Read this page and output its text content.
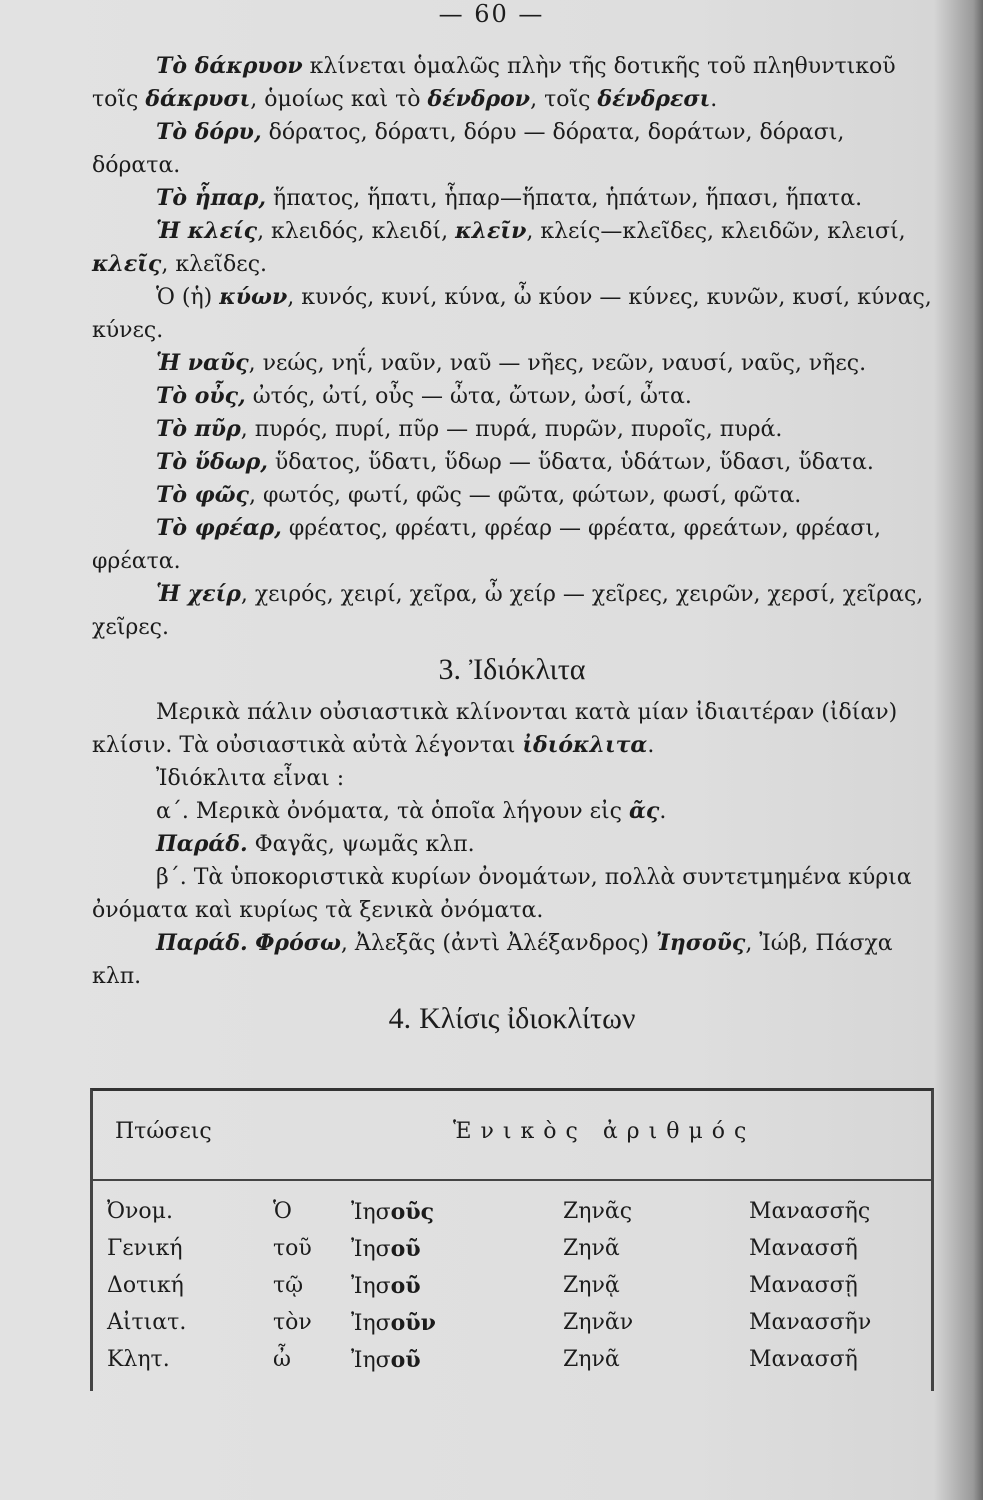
— 60 —

Τὸ δάκρυον κλίνεται ὁμαλῶς πλὴν τῆς δοτικῆς τοῦ πληθυντικοῦ τοῖς δάκρυσι, ὁμοίως καὶ τὸ δένδρον, τοῖς δένδρεσι.

Τὸ δόρυ, δόρατος, δόρατι, δόρυ — δόρατα, δοράτων, δόρασι, δόρατα.

Τὸ ἧπαρ, ἥπατος, ἥπατι, ἧπαρ—ἥπατα, ἡπάτων, ἥπασι, ἥπατα.

Ἡ κλείς, κλειδός, κλειδί, κλεῖν, κλείς—κλεῖδες, κλειδῶν, κλεισί, κλεῖς, κλεῖδες.

Ὁ (ἡ) κύων, κυνός, κυνί, κύνα, ὦ κύον — κύνες, κυνῶν, κυσί, κύνας, κύνες.

Ἡ ναῦς, νεώς, νηΐ, ναῦν, ναῦ — νῆες, νεῶν, ναυσί, ναῦς, νῆες.

Τὸ οὖς, ὠτός, ὠτί, οὖς — ὦτα, ὤτων, ὠσί, ὦτα.

Τὸ πῦρ, πυρός, πυρί, πῦρ — πυρά, πυρῶν, πυροῖς, πυρά.

Τὸ ὕδωρ, ὕδατος, ὕδατι, ὕδωρ — ὕδατα, ὑδάτων, ὕδασι, ὕδατα.

Τὸ φῶς, φωτός, φωτί, φῶς — φῶτα, φώτων, φωσί, φῶτα.

Τὸ φρέαρ, φρέατος, φρέατι, φρέαρ — φρέατα, φρεάτων, φρέασι, φρέατα.

Ἡ χείρ, χειρός, χειρί, χεῖρα, ὦ χείρ — χεῖρες, χειρῶν, χερσί, χεῖρας, χεῖρες.

3. Ἰδιόκλιτα

Μερικὰ πάλιν οὐσιαστικὰ κλίνονται κατὰ μίαν ἰδιαιτέραν (ἰδίαν) κλίσιν. Τὰ οὐσιαστικὰ αὐτὰ λέγονται ἰδιόκλιτα.

Ἰδιόκλιτα εἶναι :

α΄. Μερικὰ ὀνόματα, τὰ ὁποῖα λήγουν εἰς ᾶς.

Παράδ. Φαγᾶς, ψωμᾶς κλπ.

β΄. Τὰ ὑποκοριστικὰ κυρίων ὀνομάτων, πολλὰ συντετμημένα κύρια ὀνόματα καὶ κυρίως τὰ ξενικὰ ὀνόματα.

Παράδ. Φρόσω, Ἀλεξᾶς (ἀντὶ Ἀλέξανδρος) Ἰησοῦς, Ἰώβ, Πάσχα κλπ.

4. Κλίσις ἰδιοκλίτων
Πτώσεις	Ἑνικὸς ἀριθμός
Ὀνομ.	Ὁ	Ἰησοῦς	Ζηνᾶς	Μανασσῆς
Γενική	τοῦ Ἰησοῦ	Ζηνᾶ	Μανασσῆ
Δοτική	τῷ Ἰησοῦ	Ζηνᾷ	Μανασσῇ
Αἰτιατ.	τὸν Ἰησοῦν	Ζηνᾶν	Μανασσῆν
Κλητ.	ὦ	Ἰησοῦ	Ζηνᾶ	Μανασσῆ
